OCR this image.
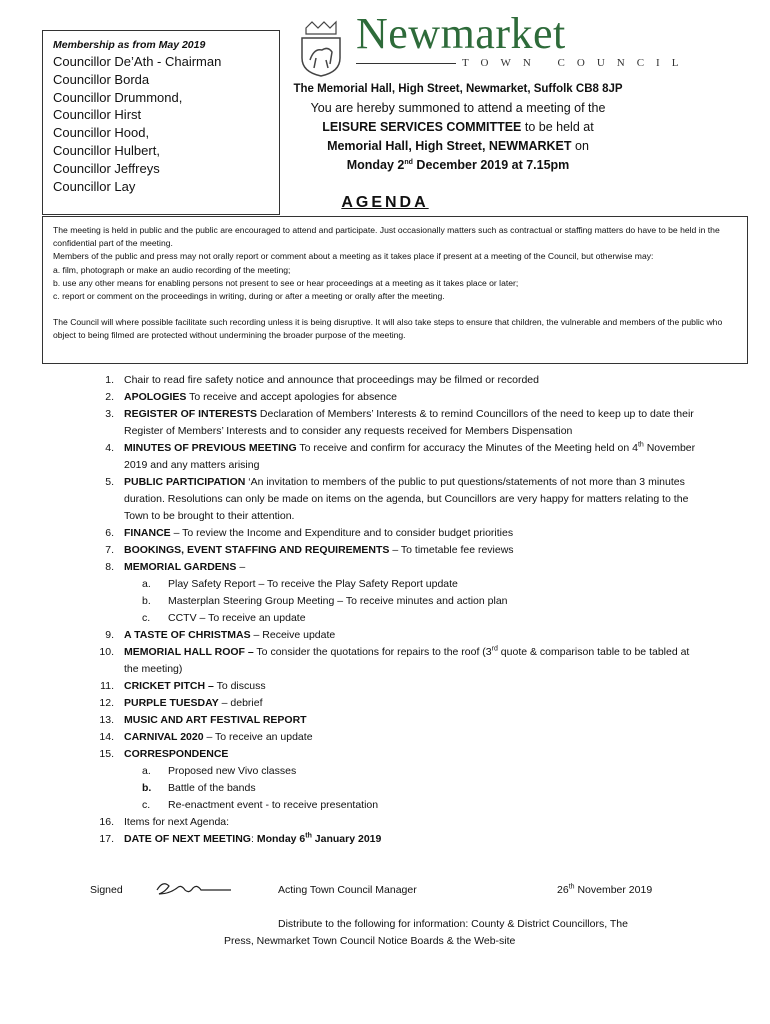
Membership as from May 2019
Councillor De’Ath - Chairman
Councillor Borda
Councillor Drummond,
Councillor Hirst
Councillor Hood,
Councillor Hulbert,
Councillor Jeffreys
Councillor Lay
Newmarket
TOWN COUNCIL
The Memorial Hall, High Street, Newmarket, Suffolk CB8 8JP
You are hereby summoned to attend a meeting of the
LEISURE SERVICES COMMITTEE to be held at
Memorial Hall, High Street, NEWMARKET on
Monday 2nd December 2019 at 7.15pm
AGENDA

The meeting is held in public and the public are encouraged to attend and participate. Just occasionally matters such as contractual or staffing matters do have to be held in the confidential part of the meeting.

Members of the public and press may not orally report or comment about a meeting as it takes place if present at a meeting of the Council, but otherwise may:

a. film, photograph or make an audio recording of the meeting;

b. use any other means for enabling persons not present to see or hear proceedings at a meeting as it takes place or later;

c. report or comment on the proceedings in writing, during or after a meeting or orally after the meeting.

The Council will where possible facilitate such recording unless it is being disruptive. It will also take steps to ensure that children, the vulnerable and members of the public who object to being filmed are protected without undermining the broader purpose of the meeting.

1. Chair to read fire safety notice and announce that proceedings may be filmed or recorded
2. APOLOGIES To receive and accept apologies for absence
3. REGISTER OF INTERESTS Declaration of Members’ Interests & to remind Councillors of the need to keep up to date their Register of Members’ Interests and to consider any requests received for Members Dispensation
4. MINUTES OF PREVIOUS MEETING To receive and confirm for accuracy the Minutes of the Meeting held on 4th November 2019 and any matters arising
5. PUBLIC PARTICIPATION ‘An invitation to members of the public to put questions/statements of not more than 3 minutes duration. Resolutions can only be made on items on the agenda, but Councillors are very happy for matters relating to the Town to be brought to their attention.
6. FINANCE – To review the Income and Expenditure and to consider budget priorities
7. BOOKINGS, EVENT STAFFING AND REQUIREMENTS – To timetable fee reviews
8. MEMORIAL GARDENS –
a. Play Safety Report – To receive the Play Safety Report update
b. Masterplan Steering Group Meeting – To receive minutes and action plan
c. CCTV – To receive an update
9. A TASTE OF CHRISTMAS – Receive update
10. MEMORIAL HALL ROOF – To consider the quotations for repairs to the roof (3rd quote & comparison table to be tabled at the meeting)
11. CRICKET PITCH – To discuss
12. PURPLE TUESDAY – debrief
13. MUSIC AND ART FESTIVAL REPORT
14. CARNIVAL 2020 – To receive an update
15. CORRESPONDENCE
a. Proposed new Vivo classes
b. Battle of the bands
c. Re-enactment event - to receive presentation
16. Items for next Agenda:
17. DATE OF NEXT MEETING: Monday 6th January 2019
Signed	Acting Town Council Manager	26th November 2019
Distribute to the following for information: County & District Councillors, The
Press, Newmarket Town Council Notice Boards & the Web-site
